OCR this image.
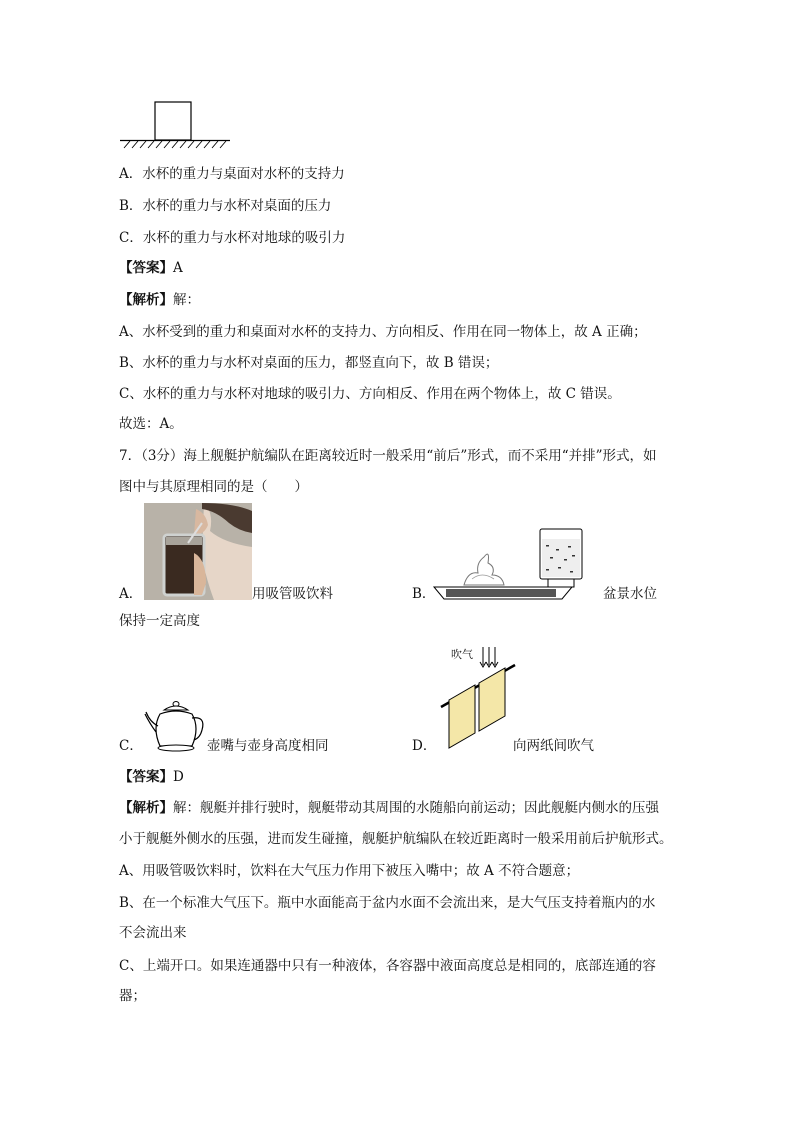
A．水杯的重力与桌面对水杯的支持力
B．水杯的重力与水杯对桌面的压力
C．水杯的重力与水杯对地球的吸引力
【答案】A
【解析】解：
A、水杯受到的重力和桌面对水杯的支持力、方向相反、作用在同一物体上，故 A 正确；
B、水杯的重力与水杯对桌面的压力，都竖直向下，故 B 错误；
C、水杯的重力与水杯对地球的吸引力、方向相反、作用在两个物体上，故 C 错误。
故选：A。
7．（3分）海上舰艇护航编队在距离较近时一般采用“前后”形式，而不采用“并排”形式，如
图中与其原理相同的是（　　）
A．	用吸管吸饮料	B．	盆景水位
保持一定高度
C．	壶嘴与壶身高度相同
吹气
D．	向两纸间吹气
【答案】D
【解析】解：舰艇并排行驶时，舰艇带动其周围的水随船向前运动；因此舰艇内侧水的压强
小于舰艇外侧水的压强，进而发生碰撞，舰艇护航编队在较近距离时一般采用前后护航形式。
A、用吸管吸饮料时，饮料在大气压力作用下被压入嘴中；故 A 不符合题意；
B、在一个标准大气压下。瓶中水面能高于盆内水面不会流出来，是大气压支持着瓶内的水
不会流出来
C、上端开口。如果连通器中只有一种液体，各容器中液面高度总是相同的，底部连通的容
器；
